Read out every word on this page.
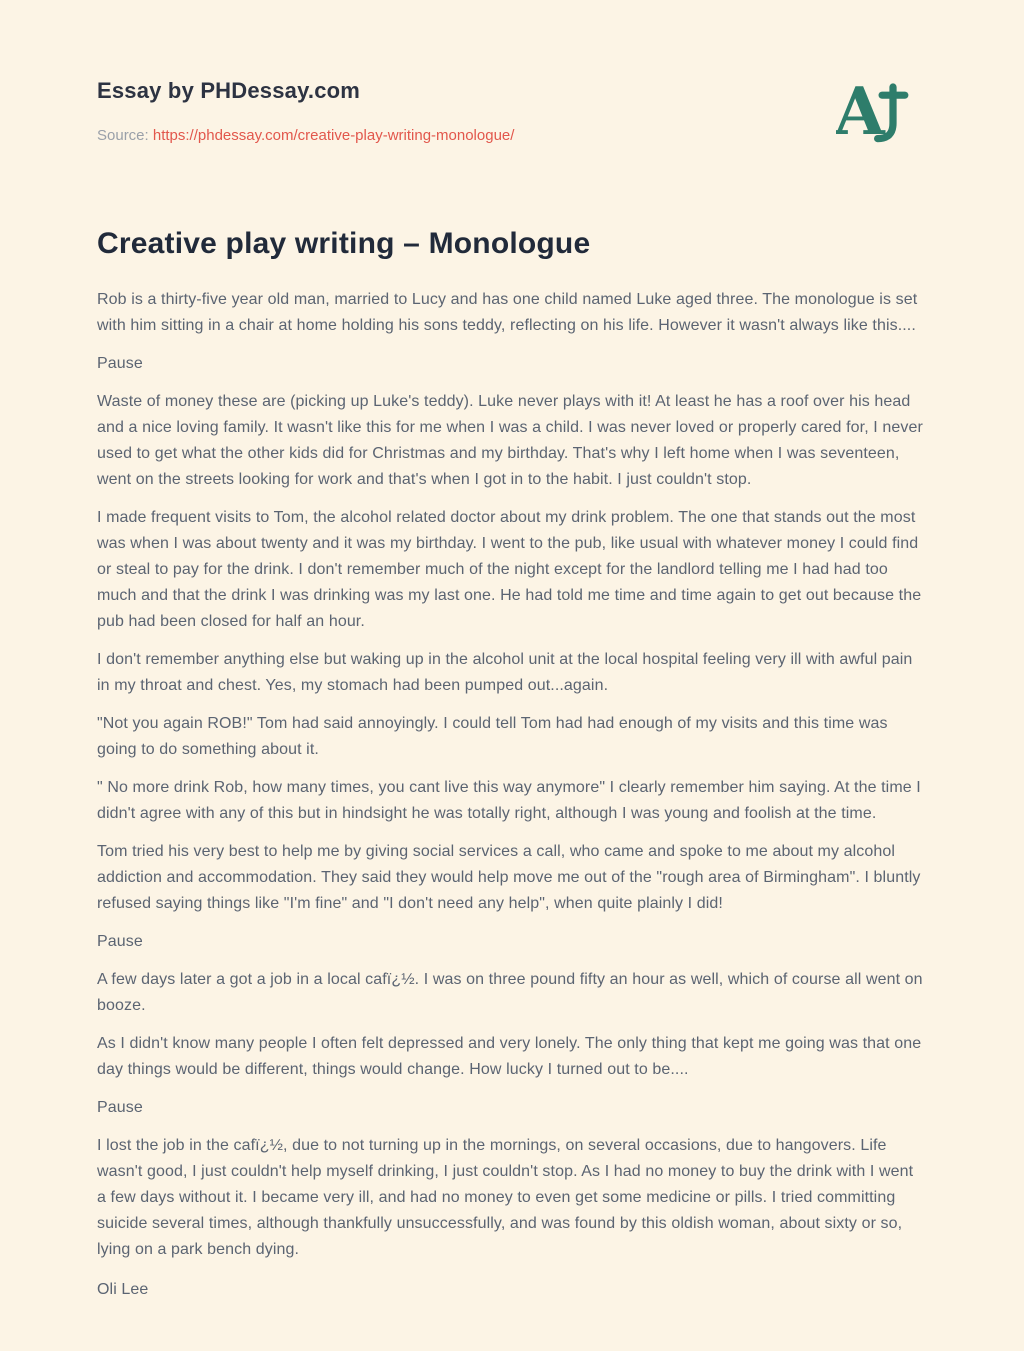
Essay by PHDessay.com
Source: https://phdessay.com/creative-play-writing-monologue/	A
Creative play writing – Monologue

Rob is a thirty-five year old man, married to Lucy and has one child named Luke aged three. The monologue is set with him sitting in a chair at home holding his sons teddy, reflecting on his life. However it wasn't always like this....

Pause

Waste of money these are (picking up Luke's teddy). Luke never plays with it! At least he has a roof over his head and a nice loving family. It wasn't like this for me when I was a child. I was never loved or properly cared for, I never used to get what the other kids did for Christmas and my birthday. That's why I left home when I was seventeen, went on the streets looking for work and that's when I got in to the habit. I just couldn't stop.

I made frequent visits to Tom, the alcohol related doctor about my drink problem. The one that stands out the most was when I was about twenty and it was my birthday. I went to the pub, like usual with whatever money I could find or steal to pay for the drink. I don't remember much of the night except for the landlord telling me I had had too much and that the drink I was drinking was my last one. He had told me time and time again to get out because the pub had been closed for half an hour.

I don't remember anything else but waking up in the alcohol unit at the local hospital feeling very ill with awful pain in my throat and chest. Yes, my stomach had been pumped out...again.

"Not you again ROB!" Tom had said annoyingly. I could tell Tom had had enough of my visits and this time was going to do something about it.

" No more drink Rob, how many times, you cant live this way anymore" I clearly remember him saying. At the time I didn't agree with any of this but in hindsight he was totally right, although I was young and foolish at the time.

Tom tried his very best to help me by giving social services a call, who came and spoke to me about my alcohol addiction and accommodation. They said they would help move me out of the "rough area of Birmingham". I bluntly refused saying things like "I'm fine" and "I don't need any help", when quite plainly I did!

Pause

A few days later a got a job in a local cafï¿½. I was on three pound fifty an hour as well, which of course all went on booze.

As I didn't know many people I often felt depressed and very lonely. The only thing that kept me going was that one day things would be different, things would change. How lucky I turned out to be....

Pause

I lost the job in the cafï¿½, due to not turning up in the mornings, on several occasions, due to hangovers. Life wasn't good, I just couldn't help myself drinking, I just couldn't stop. As I had no money to buy the drink with I went a few days without it. I became very ill, and had no money to even get some medicine or pills. I tried committing suicide several times, although thankfully unsuccessfully, and was found by this oldish woman, about sixty or so, lying on a park bench dying.

Oli Lee
